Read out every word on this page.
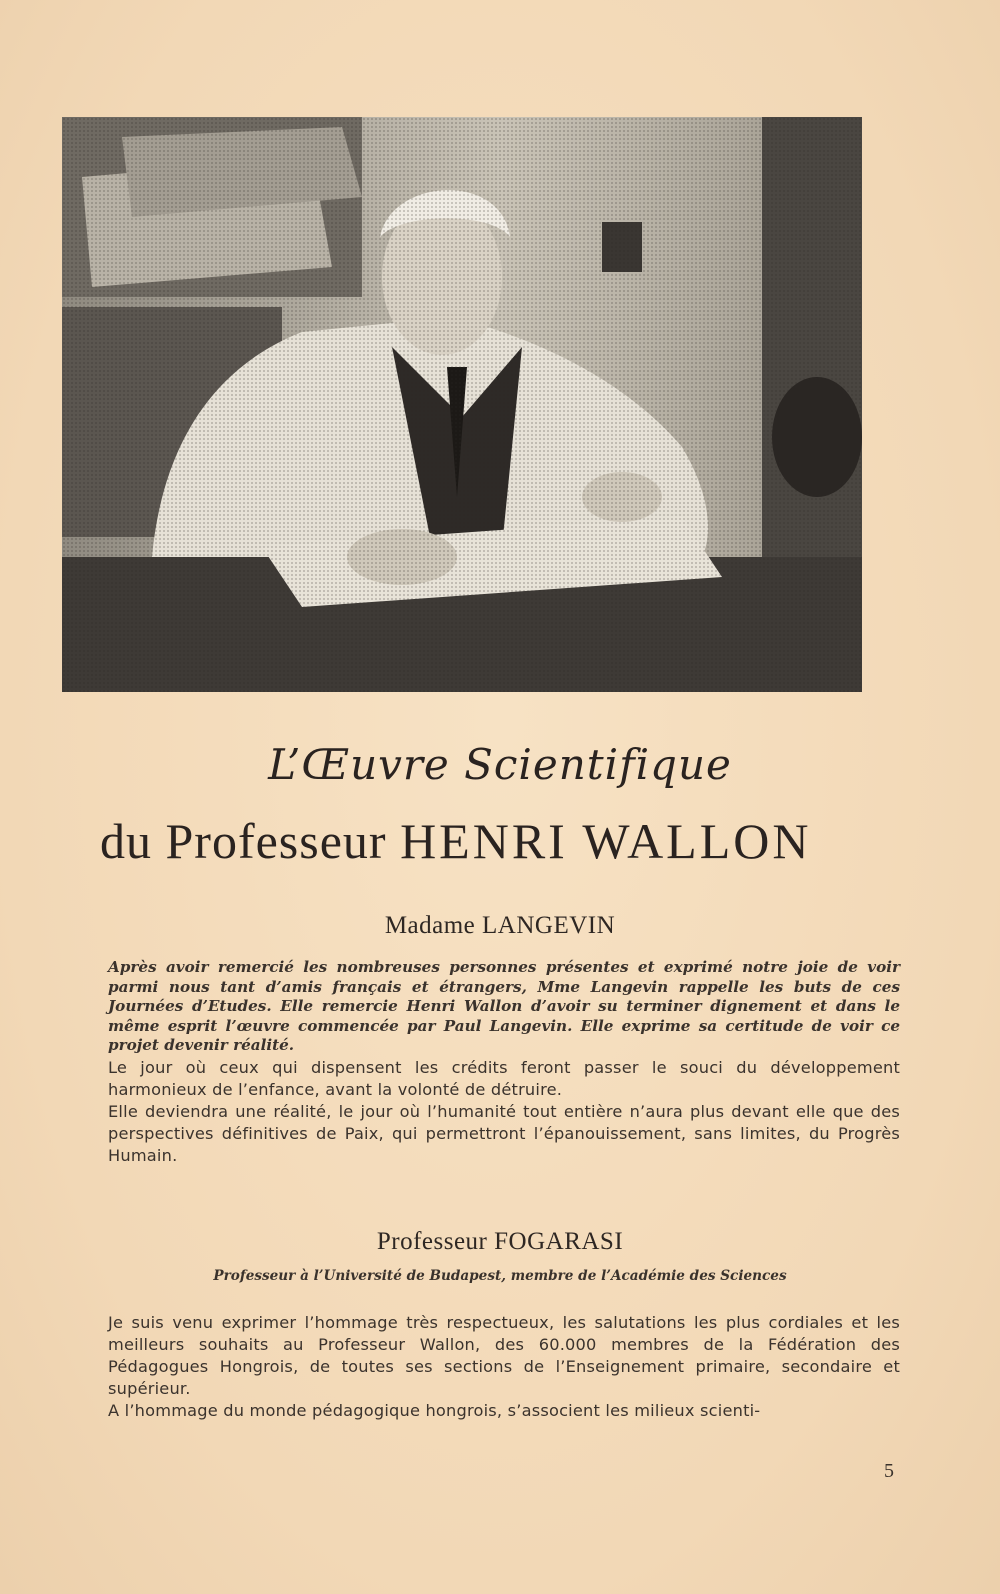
L’Œuvre Scientifique
du Professeur HENRI WALLON
Madame LANGEVIN
Après avoir remercié les nombreuses personnes présentes et exprimé notre joie de voir parmi nous tant d’amis français et étrangers, Mme Langevin rappelle les buts de ces Journées d’Etudes. Elle remercie Henri Wallon d’avoir su terminer dignement et dans le même esprit l’œuvre commencée par Paul Langevin. Elle exprime sa certitude de voir ce projet devenir réalité.
Le jour où ceux qui dispensent les crédits feront passer le souci du développement harmonieux de l’enfance, avant la volonté de détruire.
Elle deviendra une réalité, le jour où l’humanité tout entière n’aura plus devant elle que des perspectives définitives de Paix, qui permettront l’épanouissement, sans limites, du Progrès Humain.
Professeur FOGARASI
Professeur à l’Université de Budapest, membre de l’Académie des Sciences
Je suis venu exprimer l’hommage très respectueux, les salutations les plus cordiales et les meilleurs souhaits au Professeur Wallon, des 60.000 membres de la Fédération des Pédagogues Hongrois, de toutes ses sections de l’Enseignement primaire, secondaire et supérieur.
A l’hommage du monde pédagogique hongrois, s’associent les milieux scienti-
5
